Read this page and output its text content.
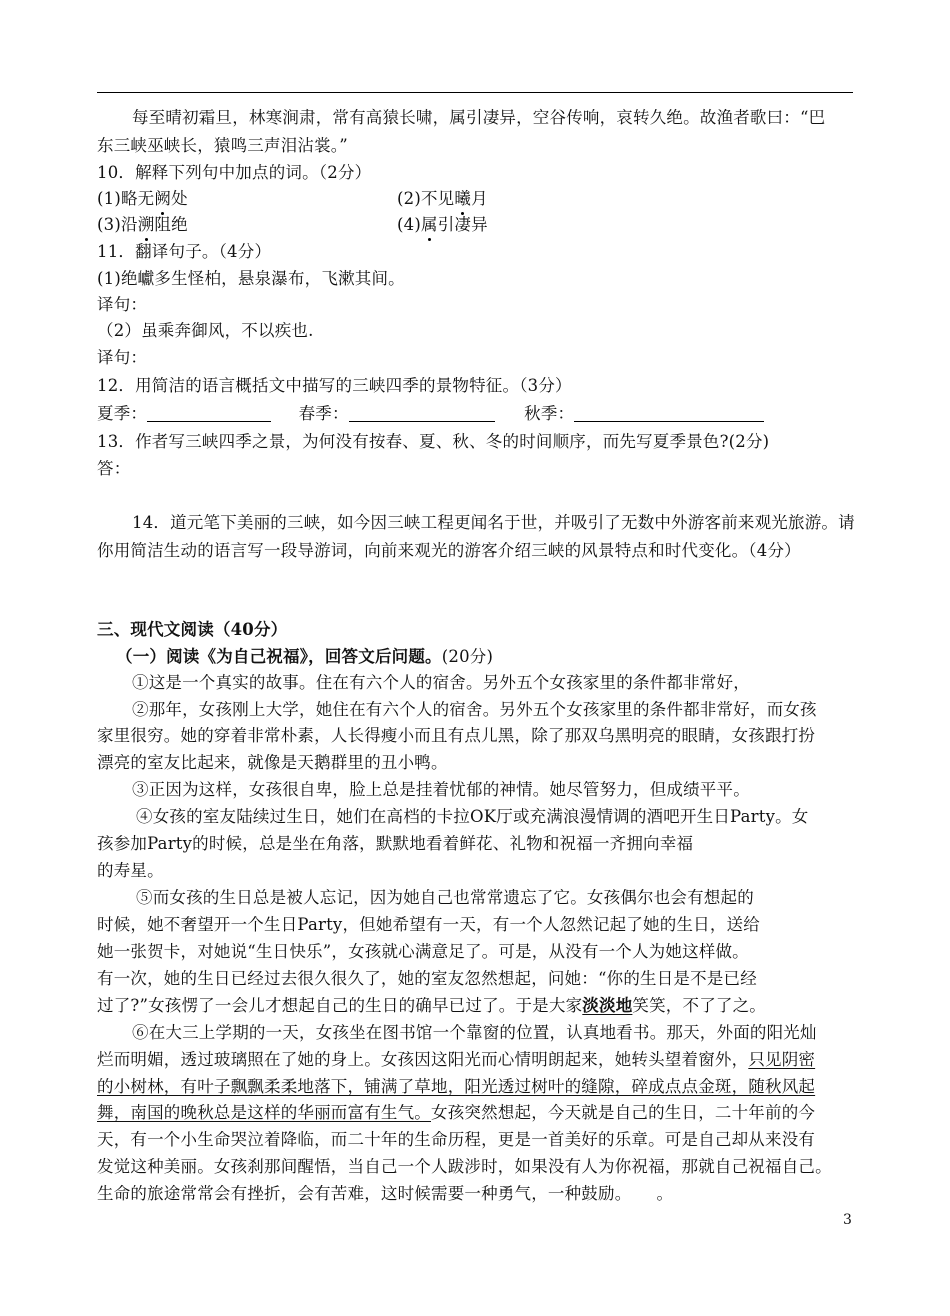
每至晴初霜旦，林寒涧肃，常有高猿长啸，属引凄异，空谷传响，哀转久绝。故渔者歌曰：“巴
东三峡巫峡长，猿鸣三声泪沾裳。”
10．解释下列句中加点的词。（2分）
(1)略无阙处	(2)不见曦月
(3)沿溯阻绝	(4)属引凄异
11．翻译句子。（4分）
(1)绝巘多生怪柏，悬泉瀑布，飞漱其间。
译句：
（2）虽乘奔御风，不以疾也.
译句：
12．用简洁的语言概括文中描写的三峡四季的景物特征。（3分）
夏季：	春季：	秋季：
13．作者写三峡四季之景，为何没有按春、夏、秋、冬的时间顺序，而先写夏季景色?(2分)
答：
14．道元笔下美丽的三峡，如今因三峡工程更闻名于世，并吸引了无数中外游客前来观光旅游。请
你用简洁生动的语言写一段导游词，向前来观光的游客介绍三峡的风景特点和时代变化。（4分）
三、现代文阅读（40分）
（一）阅读《为自己祝福》，回答文后问题。(20分)
①这是一个真实的故事。住在有六个人的宿舍。另外五个女孩家里的条件都非常好，
②那年，女孩刚上大学，她住在有六个人的宿舍。另外五个女孩家里的条件都非常好，而女孩
家里很穷。她的穿着非常朴素，人长得瘦小而且有点儿黑，除了那双乌黑明亮的眼睛，女孩跟打扮
漂亮的室友比起来，就像是天鹅群里的丑小鸭。
③正因为这样，女孩很自卑，脸上总是挂着忧郁的神情。她尽管努力，但成绩平平。
④女孩的室友陆续过生日，她们在高档的卡拉OK厅或充满浪漫情调的酒吧开生日Party。女
孩参加Party的时候，总是坐在角落，默默地看着鲜花、礼物和祝福一齐拥向幸福
的寿星。
⑤而女孩的生日总是被人忘记，因为她自己也常常遗忘了它。女孩偶尔也会有想起的
时候，她不奢望开一个生日Party，但她希望有一天，有一个人忽然记起了她的生日，送给
她一张贺卡，对她说“生日快乐”，女孩就心满意足了。可是，从没有一个人为她这样做。
有一次，她的生日已经过去很久很久了，她的室友忽然想起，问她：“你的生日是不是已经
过了?”女孩愣了一会儿才想起自己的生日的确早已过了。于是大家淡淡地笑笑，不了了之。
⑥在大三上学期的一天，女孩坐在图书馆一个靠窗的位置，认真地看书。那天，外面的阳光灿
烂而明媚，透过玻璃照在了她的身上。女孩因这阳光而心情明朗起来，她转头望着窗外，只见阴密
的小树林，有叶子飘飘柔柔地落下，铺满了草地，阳光透过树叶的缝隙，碎成点点金斑，随秋风起
舞，南国的晚秋总是这样的华丽而富有生气。女孩突然想起，今天就是自己的生日，二十年前的今
天，有一个小生命哭泣着降临，而二十年的生命历程，更是一首美好的乐章。可是自己却从来没有
发觉这种美丽。女孩刹那间醒悟，当自己一个人跋涉时，如果没有人为你祝福，那就自己祝福自己。
生命的旅途常常会有挫折，会有苦难，这时候需要一种勇气，一种鼓励。　　。
3
